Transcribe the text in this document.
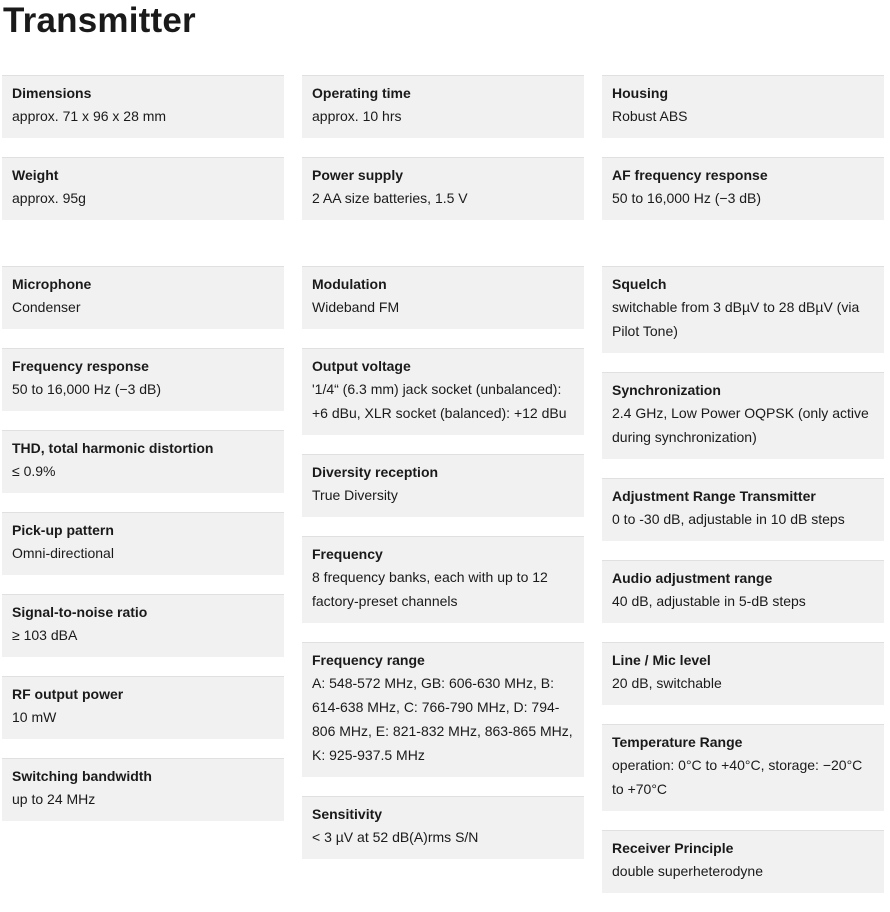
Transmitter
Dimensions
approx. 71 x 96 x 28 mm
Weight
approx. 95g
Operating time
approx. 10 hrs
Power supply
2 AA size batteries, 1.5 V
Housing
Robust ABS
AF frequency response
50 to 16,000 Hz (−3 dB)
Microphone
Condenser
Frequency response
50 to 16,000 Hz (−3 dB)
THD, total harmonic distortion
≤ 0.9%
Pick-up pattern
Omni-directional
Signal-to-noise ratio
≥ 103 dBA
RF output power
10 mW
Switching bandwidth
up to 24 MHz
Modulation
Wideband FM
Output voltage
'1/4“ (6.3 mm) jack socket (unbalanced): +6 dBu, XLR socket (balanced): +12 dBu
Diversity reception
True Diversity
Frequency
8 frequency banks, each with up to 12 factory-preset channels
Frequency range
A: 548-572 MHz, GB: 606-630 MHz, B: 614-638 MHz, C: 766-790 MHz, D: 794-806 MHz, E: 821-832 MHz, 863-865 MHz, K: 925-937.5 MHz
Sensitivity
< 3 µV at 52 dB(A)rms S/N
Squelch
switchable from 3 dBµV to 28 dBµV (via Pilot Tone)
Synchronization
2.4 GHz, Low Power OQPSK (only active during synchronization)
Adjustment Range Transmitter
0 to -30 dB, adjustable in 10 dB steps
Audio adjustment range
40 dB, adjustable in 5-dB steps
Line / Mic level
20 dB, switchable
Temperature Range
operation: 0°C to +40°C, storage: −20°C to +70°C
Receiver Principle
double superheterodyne
